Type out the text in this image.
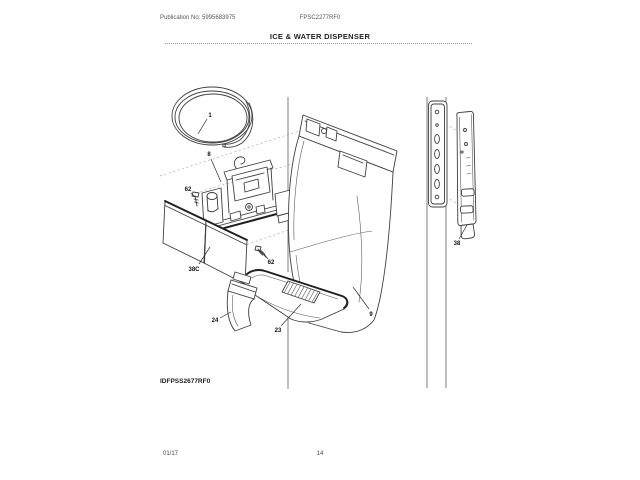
Publication No: 5995683975	FPSC2277RF0
ICE & WATER DISPENSER
1
8
62
38C
62
24
23
9
38
IDFPSS2677RF0
01/17	14
